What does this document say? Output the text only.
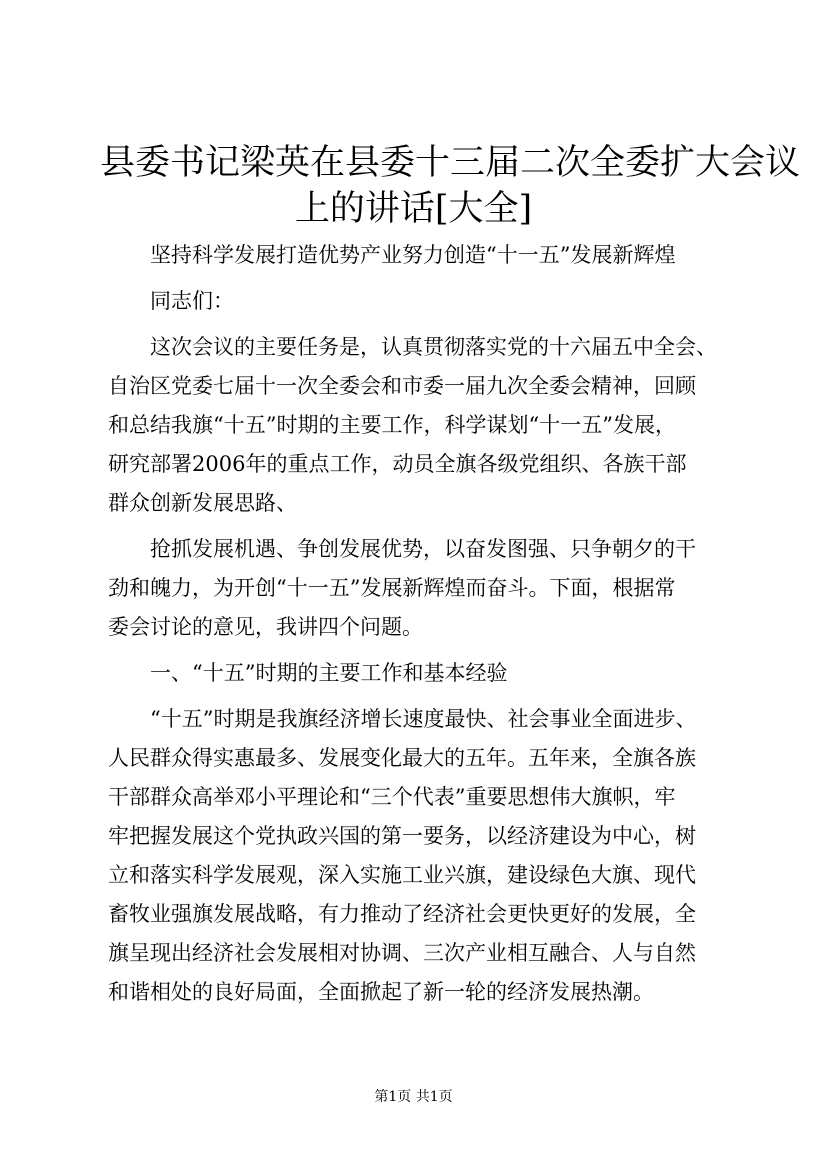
县委书记梁英在县委十三届二次全委扩大会议
上的讲话[大全]
坚持科学发展打造优势产业努力创造“十一五”发展新辉煌
同志们：
这次会议的主要任务是，认真贯彻落实党的十六届五中全会、
自治区党委七届十一次全委会和市委一届九次全委会精神，回顾
和总结我旗“十五”时期的主要工作，科学谋划“十一五”发展，
研究部署2006年的重点工作，动员全旗各级党组织、各族干部
群众创新发展思路、
抢抓发展机遇、争创发展优势，以奋发图强、只争朝夕的干
劲和魄力，为开创“十一五”发展新辉煌而奋斗。下面，根据常
委会讨论的意见，我讲四个问题。
一、“十五”时期的主要工作和基本经验
“十五”时期是我旗经济增长速度最快、社会事业全面进步、
人民群众得实惠最多、发展变化最大的五年。五年来，全旗各族
干部群众高举邓小平理论和“三个代表”重要思想伟大旗帜，牢
牢把握发展这个党执政兴国的第一要务，以经济建设为中心，树
立和落实科学发展观，深入实施工业兴旗，建设绿色大旗、现代
畜牧业强旗发展战略，有力推动了经济社会更快更好的发展，全
旗呈现出经济社会发展相对协调、三次产业相互融合、人与自然
和谐相处的良好局面，全面掀起了新一轮的经济发展热潮。
第1页 共1页
